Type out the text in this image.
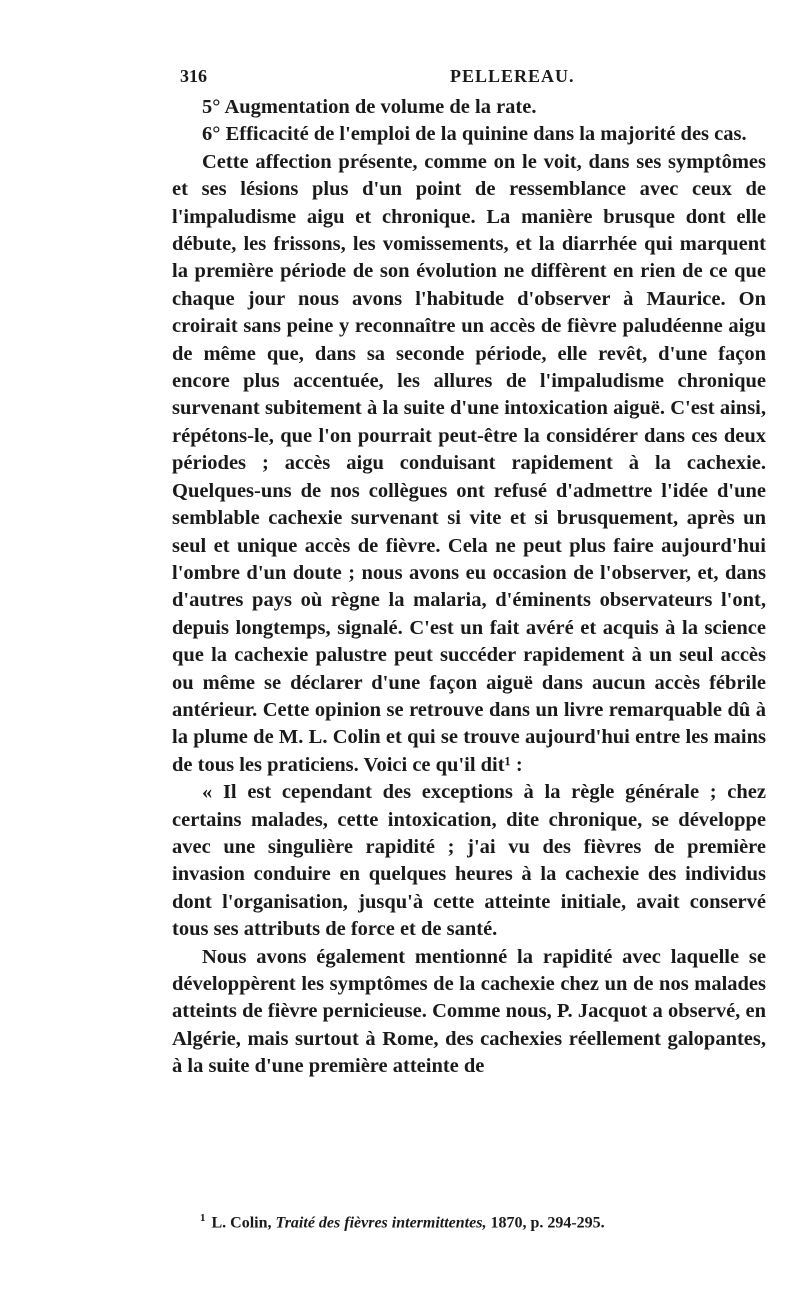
316	PELLEREAU.

5° Augmentation de volume de la rate.

6° Efficacité de l'emploi de la quinine dans la majorité des cas.

Cette affection présente, comme on le voit, dans ses symptômes et ses lésions plus d'un point de ressemblance avec ceux de l'impaludisme aigu et chronique. La manière brusque dont elle débute, les frissons, les vomissements, et la diarrhée qui marquent la première période de son évolution ne diffèrent en rien de ce que chaque jour nous avons l'habitude d'observer à Maurice. On croirait sans peine y reconnaître un accès de fièvre paludéenne aigu de même que, dans sa seconde période, elle revêt, d'une façon encore plus accentuée, les allures de l'impaludisme chronique survenant subitement à la suite d'une intoxication aiguë. C'est ainsi, répétons-le, que l'on pourrait peut-être la considérer dans ces deux périodes ; accès aigu conduisant rapidement à la cachexie. Quelques-uns de nos collègues ont refusé d'admettre l'idée d'une semblable cachexie survenant si vite et si brusquement, après un seul et unique accès de fièvre. Cela ne peut plus faire aujourd'hui l'ombre d'un doute ; nous avons eu occasion de l'observer, et, dans d'autres pays où règne la malaria, d'éminents observateurs l'ont, depuis longtemps, signalé. C'est un fait avéré et acquis à la science que la cachexie palustre peut succéder rapidement à un seul accès ou même se déclarer d'une façon aiguë dans aucun accès fébrile antérieur. Cette opinion se retrouve dans un livre remarquable dû à la plume de M. L. Colin et qui se trouve aujourd'hui entre les mains de tous les praticiens. Voici ce qu'il dit¹ :

« Il est cependant des exceptions à la règle générale ; chez certains malades, cette intoxication, dite chronique, se développe avec une singulière rapidité ; j'ai vu des fièvres de première invasion conduire en quelques heures à la cachexie des individus dont l'organisation, jusqu'à cette atteinte initiale, avait conservé tous ses attributs de force et de santé.

Nous avons également mentionné la rapidité avec laquelle se développèrent les symptômes de la cachexie chez un de nos malades atteints de fièvre pernicieuse. Comme nous, P. Jacquot a observé, en Algérie, mais surtout à Rome, des cachexies réellement galopantes, à la suite d'une première atteinte de

$^1$ L. Colin, Traité des fièvres intermittentes, 1870, p. 294-295.
